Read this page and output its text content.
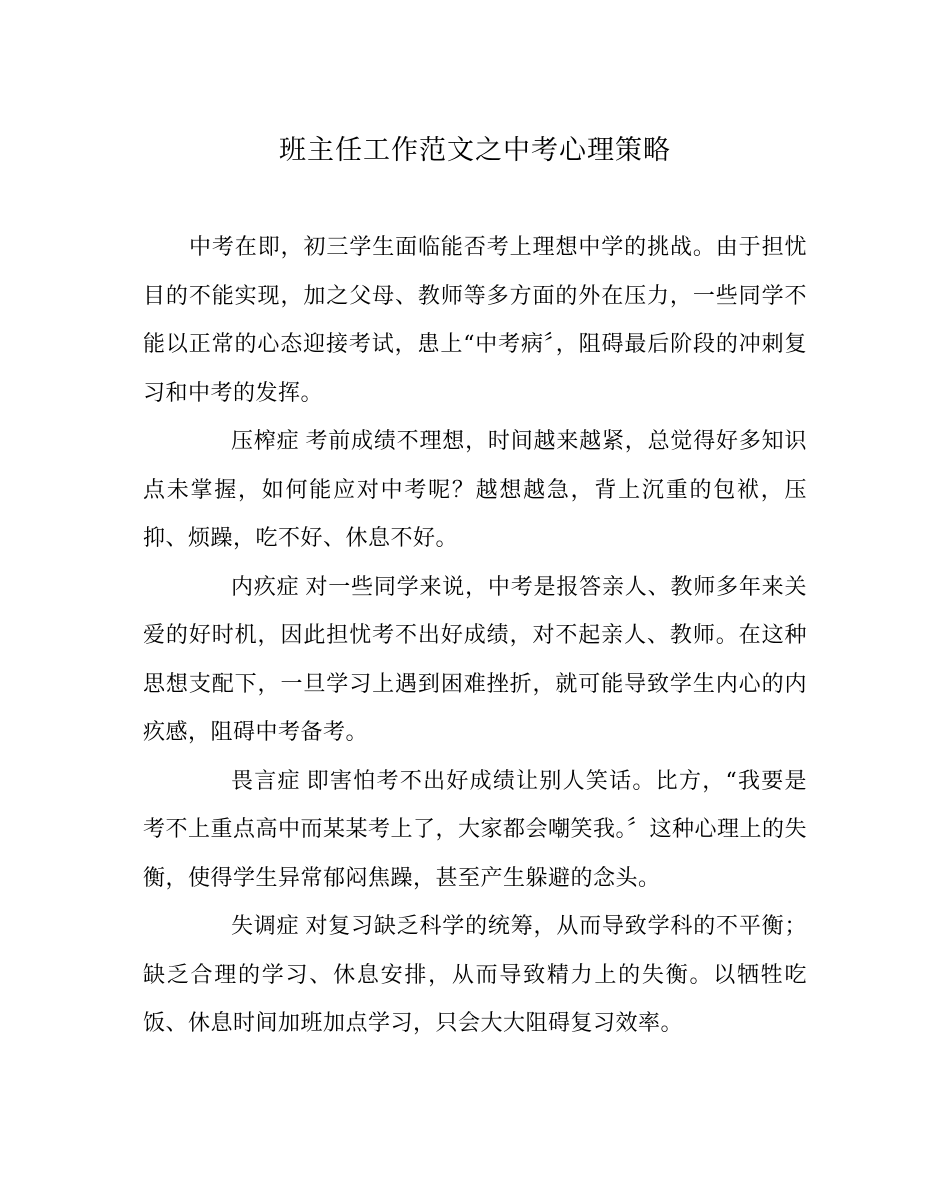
班主任工作范文之中考心理策略

中考在即，初三学生面临能否考上理想中学的挑战。由于担忧目的不能实现，加之父母、教师等多方面的外在压力，一些同学不能以正常的心态迎接考试，患上“中考病〞，阻碍最后阶段的冲刺复习和中考的发挥。

压榨症 考前成绩不理想，时间越来越紧，总觉得好多知识点未掌握，如何能应对中考呢？越想越急，背上沉重的包袱，压抑、烦躁，吃不好、休息不好。

内疚症 对一些同学来说，中考是报答亲人、教师多年来关爱的好时机，因此担忧考不出好成绩，对不起亲人、教师。在这种思想支配下，一旦学习上遇到困难挫折，就可能导致学生内心的内疚感，阻碍中考备考。

畏言症 即害怕考不出好成绩让别人笑话。比方，“我要是考不上重点高中而某某考上了，大家都会嘲笑我。〞这种心理上的失衡，使得学生异常郁闷焦躁，甚至产生躲避的念头。

失调症 对复习缺乏科学的统筹，从而导致学科的不平衡；缺乏合理的学习、休息安排，从而导致精力上的失衡。以牺牲吃饭、休息时间加班加点学习，只会大大阻碍复习效率。
